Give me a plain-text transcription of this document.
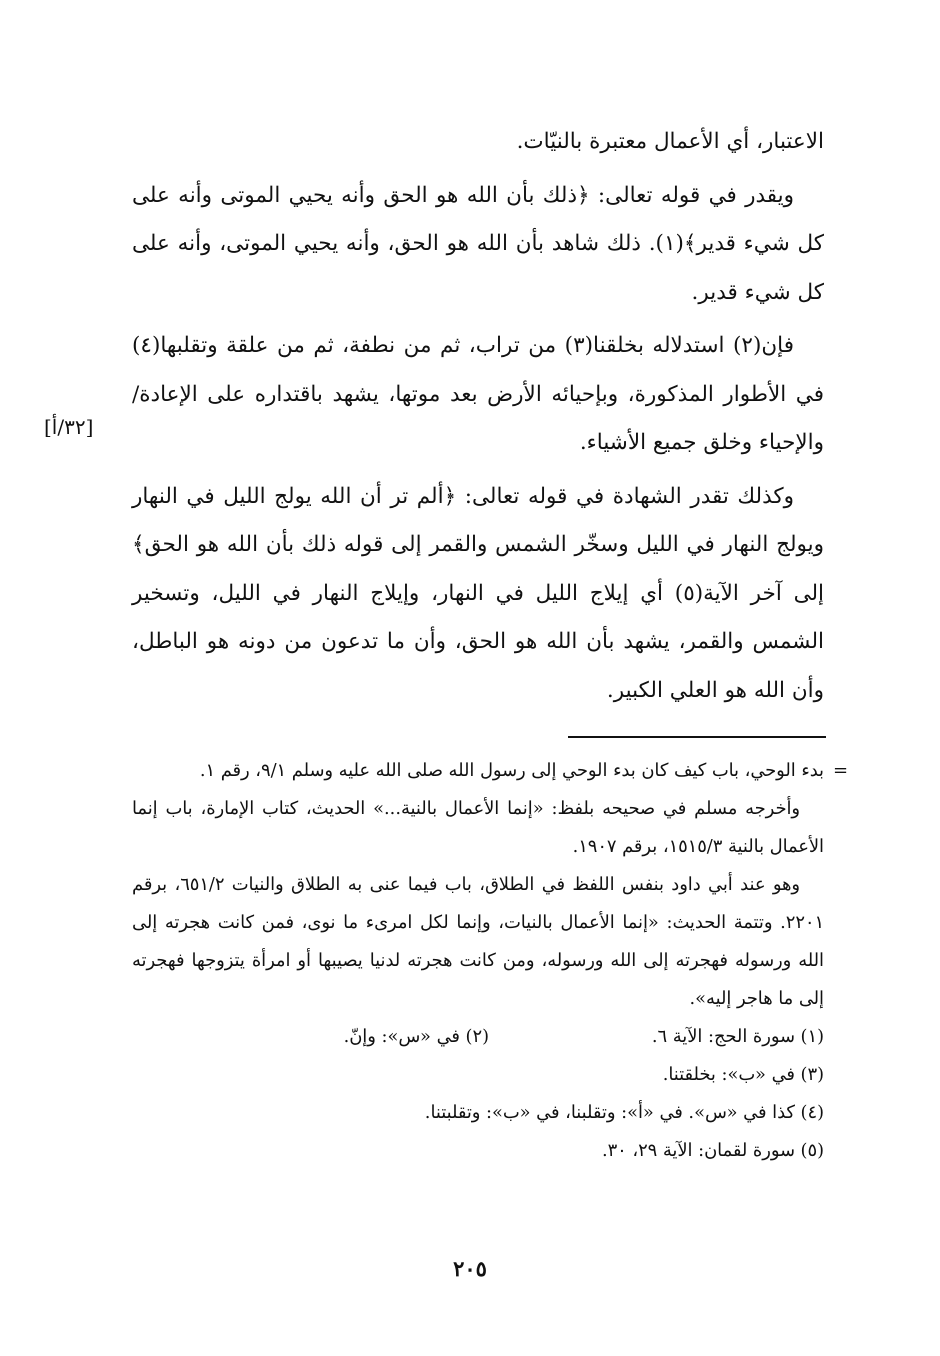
الاعتبار، أي الأعمال معتبرة بالنيّات.

ويقدر في قوله تعالى: ﴿ذلك بأن الله هو الحق وأنه يحيي الموتى وأنه على كل شيء قدير﴾(١). ذلك شاهد بأن الله هو الحق، وأنه يحيي الموتى، وأنه على كل شيء قدير.

فإن(٢) استدلاله بخلقنا(٣) من تراب، ثم من نطفة، ثم من علقة وتقلبها(٤) في الأطوار المذكورة، وبإحيائه الأرض بعد موتها، يشهد باقتداره على الإعادة/ والإحياء وخلق جميع الأشياء.

وكذلك تقدر الشهادة في قوله تعالى: ﴿ألم تر أن الله يولج الليل في النهار ويولج النهار في الليل وسخّر الشمس والقمر إلى قوله ذلك بأن الله هو الحق﴾ إلى آخر الآية(٥) أي إيلاج الليل في النهار، وإيلاج النهار في الليل، وتسخير الشمس والقمر، يشهد بأن الله هو الحق، وأن ما تدعون من دونه هو الباطل، وأن الله هو العلي الكبير.

[٣٢/أ]
=

بدء الوحي، باب كيف كان بدء الوحي إلى رسول الله صلى الله عليه وسلم ٩/١، رقم ١.

وأخرجه مسلم في صحيحه بلفظ: «إنما الأعمال بالنية...» الحديث، كتاب الإمارة، باب إنما الأعمال بالنية ١٥١٥/٣، برقم ١٩٠٧.

وهو عند أبي داود بنفس اللفظ في الطلاق، باب فيما عنى به الطلاق والنيات ٦٥١/٢، برقم ٢٢٠١. وتتمة الحديث: «إنما الأعمال بالنيات، وإنما لكل امرىء ما نوى، فمن كانت هجرته إلى الله ورسوله فهجرته إلى الله ورسوله، ومن كانت هجرته لدنيا يصيبها أو امرأة يتزوجها فهجرته إلى ما هاجر إليه».

(١) سورة الحج: الآية ٦.
(٢) في «س»: وإنّ.
(٣) في «ب»: بخلقتنا.
(٤) كذا في «س». في «أ»: وتقلبنا، في «ب»: وتقلبتنا.
(٥) سورة لقمان: الآية ٢٩، ٣٠.
٢٠٥
